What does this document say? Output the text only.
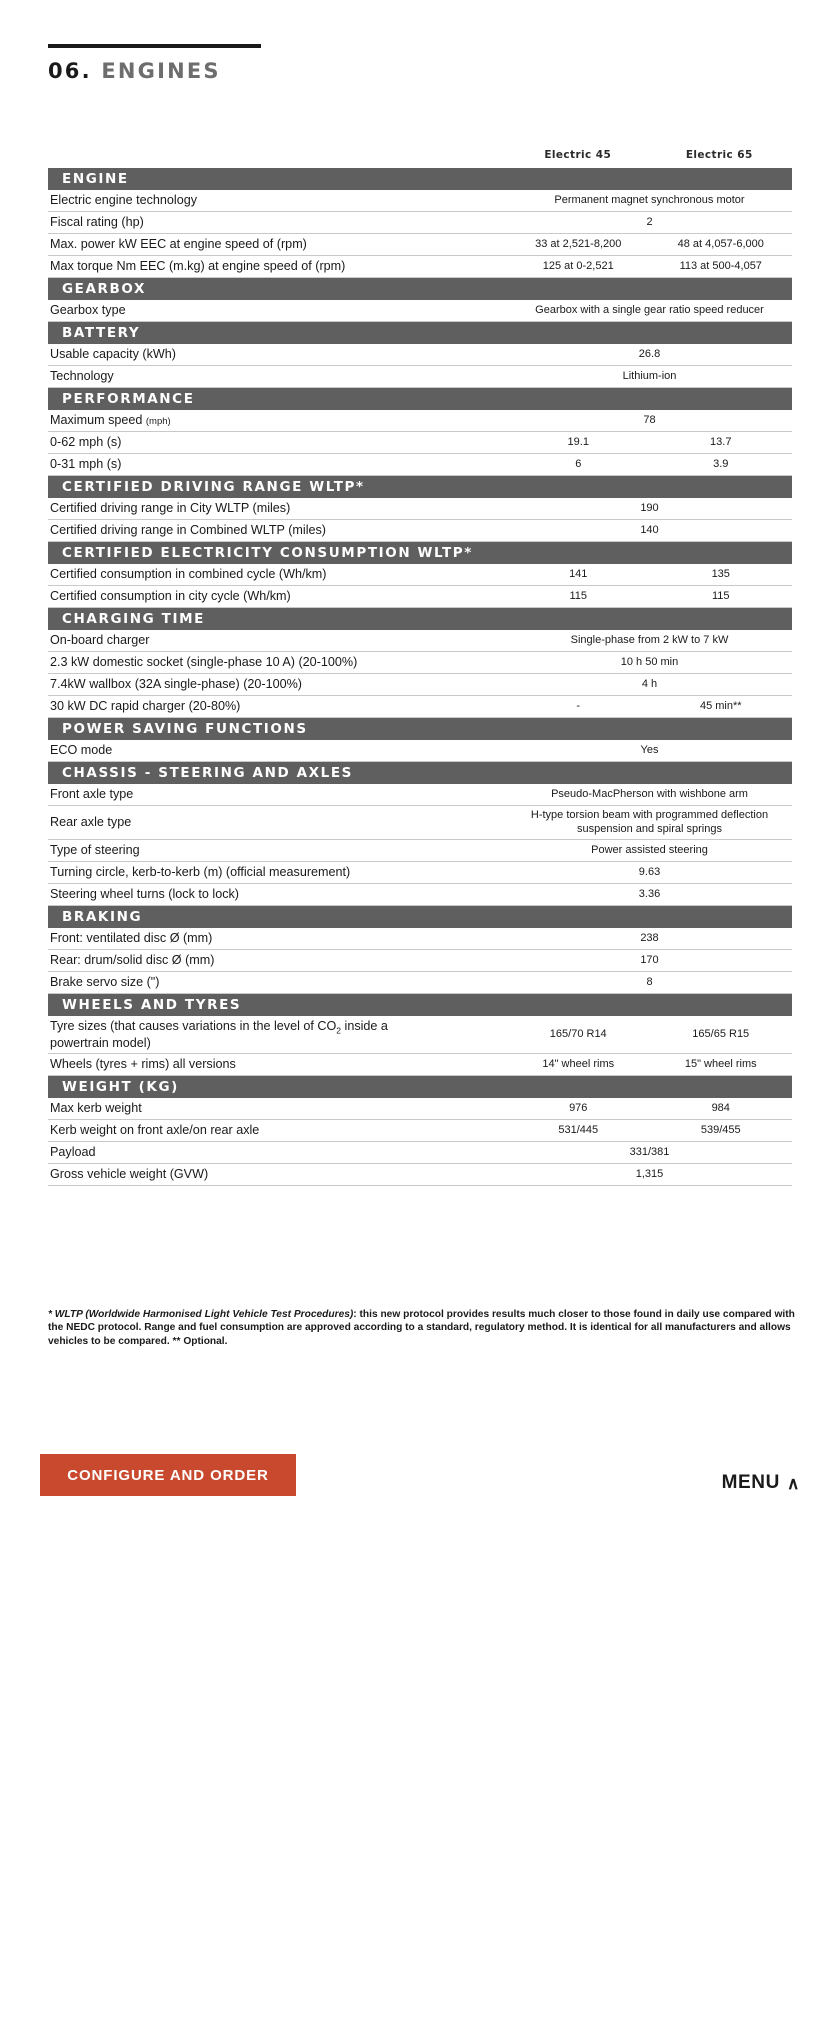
06. ENGINES
Electric 45	Electric 65
ENGINE
Electric engine technology	Permanent magnet synchronous motor
Fiscal rating (hp)	2
Max. power kW EEC at engine speed of (rpm)	33 at 2,521-8,200	48 at 4,057-6,000
Max torque Nm EEC (m.kg) at engine speed of (rpm)	125 at 0-2,521	113 at 500-4,057
GEARBOX
Gearbox type	Gearbox with a single gear ratio speed reducer
BATTERY
Usable capacity (kWh)	26.8
Technology	Lithium-ion
PERFORMANCE
Maximum speed (mph)	78
0-62 mph (s)	19.1	13.7
0-31 mph (s)	6	3.9
CERTIFIED DRIVING RANGE WLTP*
Certified driving range in City WLTP (miles)	190
Certified driving range in Combined WLTP (miles)	140
CERTIFIED ELECTRICITY CONSUMPTION WLTP*
Certified consumption in combined cycle (Wh/km)	141	135
Certified consumption in city cycle (Wh/km)	115	115
CHARGING TIME
On-board charger	Single-phase from 2 kW to 7 kW
2.3 kW domestic socket (single-phase 10 A) (20-100%)	10 h 50 min
7.4kW wallbox (32A single-phase) (20-100%)	4 h
30 kW DC rapid charger (20-80%)	-	45 min**
POWER SAVING FUNCTIONS
ECO mode	Yes
CHASSIS - STEERING AND AXLES
Front axle type	Pseudo-MacPherson with wishbone arm
Rear axle type	H-type torsion beam with programmed deflection suspension and spiral springs
Type of steering	Power assisted steering
Turning circle, kerb-to-kerb (m) (official measurement)	9.63
Steering wheel turns (lock to lock)	3.36
BRAKING
Front: ventilated disc Ø (mm)	238
Rear: drum/solid disc Ø (mm)	170
Brake servo size (")	8
WHEELS AND TYRES
Tyre sizes (that causes variations in the level of $CO_2$ inside a
powertrain model)
165/70 R14	165/65 R15
Wheels (tyres + rims) all versions	14" wheel rims	15" wheel rims
WEIGHT (KG)
Max kerb weight	976	984
Kerb weight on front axle/on rear axle	531/445	539/455
Payload	331/381
Gross vehicle weight (GVW)	1,315
* WLTP (Worldwide Harmonised Light Vehicle Test Procedures): this new protocol provides results much closer to those found in daily use compared with the NEDC protocol. Range and fuel consumption are approved according to a standard, regulatory method. It is identical for all manufacturers and allows vehicles to be compared. ** Optional.
CONFIGURE AND ORDER	MENU ∧
